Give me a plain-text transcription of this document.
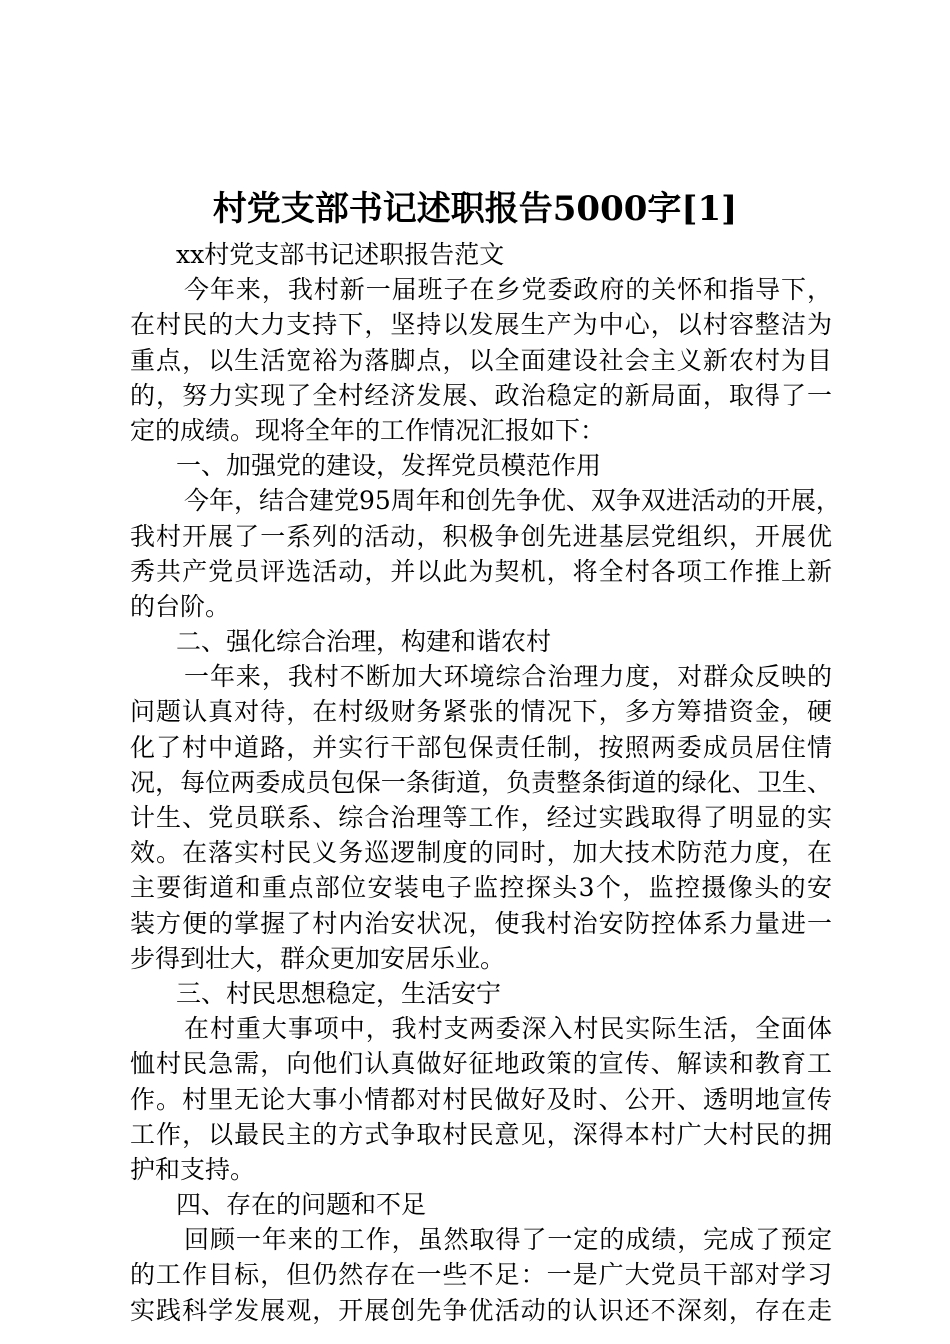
村党支部书记述职报告5000字[1]
xx村党支部书记述职报告范文
今年来，我村新一届班子在乡党委政府的关怀和指导下，
在村民的大力支持下，坚持以发展生产为中心，以村容整洁为
重点，以生活宽裕为落脚点，以全面建设社会主义新农村为目
的，努力实现了全村经济发展、政治稳定的新局面，取得了一
定的成绩。现将全年的工作情况汇报如下：
一、加强党的建设，发挥党员模范作用
今年，结合建党95周年和创先争优、双争双进活动的开展，
我村开展了一系列的活动，积极争创先进基层党组织，开展优
秀共产党员评选活动，并以此为契机，将全村各项工作推上新
的台阶。
二、强化综合治理，构建和谐农村
一年来，我村不断加大环境综合治理力度，对群众反映的
问题认真对待，在村级财务紧张的情况下，多方筹措资金，硬
化了村中道路，并实行干部包保责任制，按照两委成员居住情
况，每位两委成员包保一条街道，负责整条街道的绿化、卫生、
计生、党员联系、综合治理等工作，经过实践取得了明显的实
效。在落实村民义务巡逻制度的同时，加大技术防范力度，在
主要街道和重点部位安装电子监控探头3个，监控摄像头的安
装方便的掌握了村内治安状况，使我村治安防控体系力量进一
步得到壮大，群众更加安居乐业。
三、村民思想稳定，生活安宁
在村重大事项中，我村支两委深入村民实际生活，全面体
恤村民急需，向他们认真做好征地政策的宣传、解读和教育工
作。村里无论大事小情都对村民做好及时、公开、透明地宣传
工作，以最民主的方式争取村民意见，深得本村广大村民的拥
护和支持。
四、存在的问题和不足
回顾一年来的工作，虽然取得了一定的成绩，完成了预定
的工作目标，但仍然存在一些不足：一是广大党员干部对学习
实践科学发展观，开展创先争优活动的认识还不深刻，存在走
